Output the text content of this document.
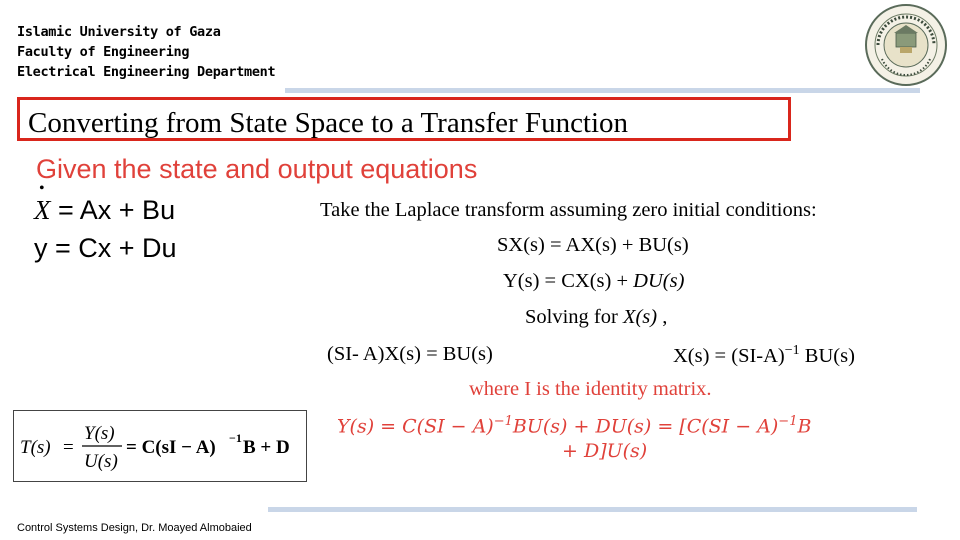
Islamic University of Gaza
Faculty of Engineering
Electrical Engineering Department
Converting from State Space to a Transfer Function
Given the state and output equations
• X = Ax + Bu
y = Cx + Du
Take the Laplace transform assuming zero initial conditions:
SX(s) = AX(s) + BU(s)
Y(s) = CX(s) + DU(s)
Solving for X(s) ,
(SI- A)X(s) = BU(s)	$X(s) = (SI-A)^{-1}$ BU(s)
where I is the identity matrix.
Y(s) = C(SI − A)$^{-1}$BU(s) + DU(s) = [C(SI − A)$^{-1}$B
+ D]U(s)
T(s) =
Y(s)
U(s)
= C(sI − A) −1 B + D
Control Systems Design, Dr. Moayed Almobaied
